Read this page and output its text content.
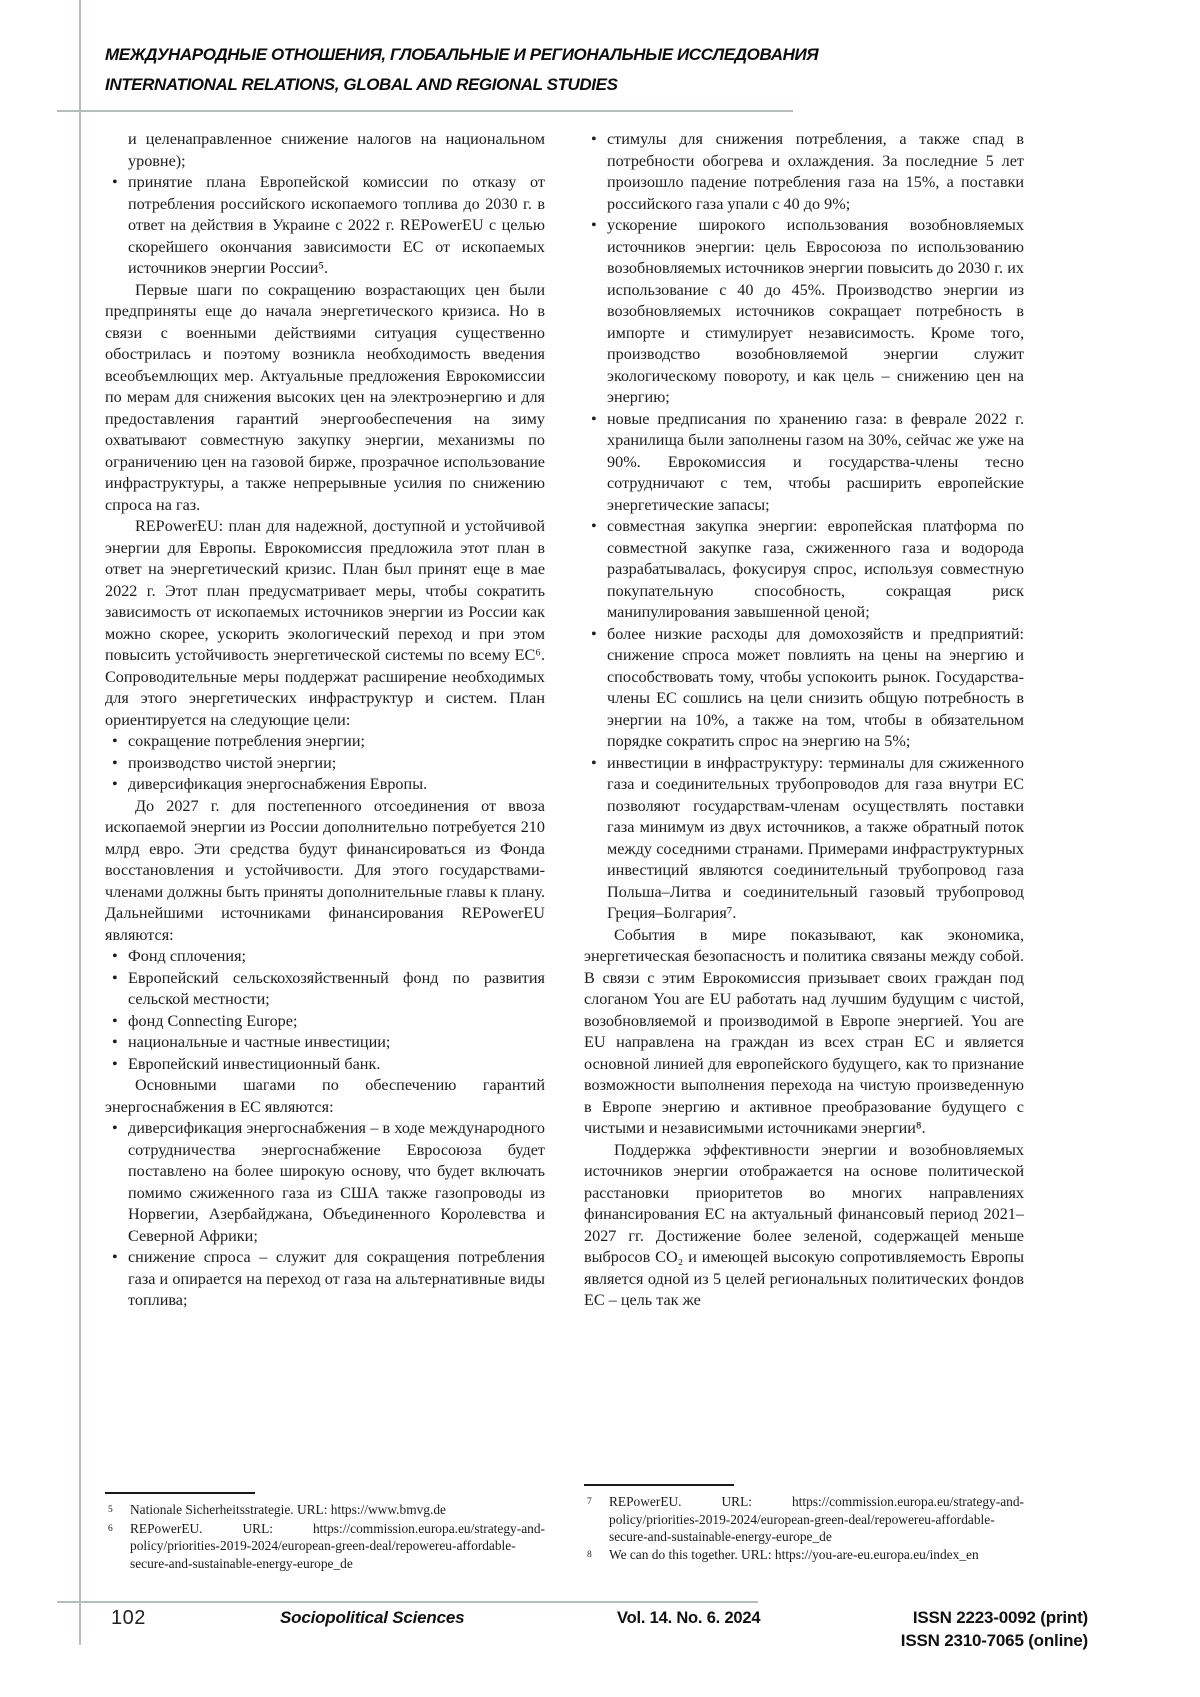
МЕЖДУНАРОДНЫЕ ОТНОШЕНИЯ, ГЛОБАЛЬНЫЕ И РЕГИОНАЛЬНЫЕ ИССЛЕДОВАНИЯ
INTERNATIONAL RELATIONS, GLOBAL AND REGIONAL STUDIES
и целенаправленное снижение налогов на национальном уровне);
• принятие плана Европейской комиссии по отказу от потребления российского ископаемого топлива до 2030 г. в ответ на действия в Украине с 2022 г. REPowerEU с целью скорейшего окончания зависимости ЕС от ископаемых источников энергии России⁵.

Первые шаги по сокращению возрастающих цен были предприняты еще до начала энергетического кризиса. Но в связи с военными действиями ситуация существенно обострилась и поэтому возникла необходимость введения всеобъемлющих мер. Актуальные предложения Еврокомиссии по мерам для снижения высоких цен на электроэнергию и для предоставления гарантий энергообеспечения на зиму охватывают совместную закупку энергии, механизмы по ограничению цен на газовой бирже, прозрачное использование инфраструктуры, а также непрерывные усилия по снижению спроса на газ.

REPowerEU: план для надежной, доступной и устойчивой энергии для Европы. Еврокомиссия предложила этот план в ответ на энергетический кризис. План был принят еще в мае 2022 г. Этот план предусматривает меры, чтобы сократить зависимость от ископаемых источников энергии из России как можно скорее, ускорить экологический переход и при этом повысить устойчивость энергетической системы по всему ЕС⁶. Сопроводительные меры поддержат расширение необходимых для этого энергетических инфраструктур и систем. План ориентируется на следующие цели:

• сокращение потребления энергии;
• производство чистой энергии;
• диверсификация энергоснабжения Европы.

До 2027 г. для постепенного отсоединения от ввоза ископаемой энергии из России дополнительно потребуется 210 млрд евро. Эти средства будут финансироваться из Фонда восстановления и устойчивости. Для этого государствами-членами должны быть приняты дополнительные главы к плану. Дальнейшими источниками финансирования REPowerEU являются:

• Фонд сплочения;
• Европейский сельскохозяйственный фонд по развития сельской местности;
• фонд Connecting Europe;
• национальные и частные инвестиции;
• Европейский инвестиционный банк.

Основными шагами по обеспечению гарантий энергоснабжения в ЕС являются:

• диверсификация энергоснабжения – в ходе международного сотрудничества энергоснабжение Евросоюза будет поставлено на более широкую основу, что будет включать помимо сжиженного газа из США также газопроводы из Норвегии, Азербайджана, Объединенного Королевства и Северной Африки;
• снижение спроса – служит для сокращения потребления газа и опирается на переход от газа на альтернативные виды топлива;
• стимулы для снижения потребления, а также спад в потребности обогрева и охлаждения. За последние 5 лет произошло падение потребления газа на 15%, а поставки российского газа упали с 40 до 9%;
• ускорение широкого использования возобновляемых источников энергии: цель Евросоюза по использованию возобновляемых источников энергии повысить до 2030 г. их использование с 40 до 45%. Производство энергии из возобновляемых источников сокращает потребность в импорте и стимулирует независимость. Кроме того, производство возобновляемой энергии служит экологическому повороту, и как цель – снижению цен на энергию;
• новые предписания по хранению газа: в феврале 2022 г. хранилища были заполнены газом на 30%, сейчас же уже на 90%. Еврокомиссия и государства-члены тесно сотрудничают с тем, чтобы расширить европейские энергетические запасы;
• совместная закупка энергии: европейская платформа по совместной закупке газа, сжиженного газа и водорода разрабатывалась, фокусируя спрос, используя совместную покупательную способность, сокращая риск манипулирования завышенной ценой;
• более низкие расходы для домохозяйств и предприятий: снижение спроса может повлиять на цены на энергию и способствовать тому, чтобы успокоить рынок. Государства-члены ЕС сошлись на цели снизить общую потребность в энергии на 10%, а также на том, чтобы в обязательном порядке сократить спрос на энергию на 5%;
• инвестиции в инфраструктуру: терминалы для сжиженного газа и соединительных трубопроводов для газа внутри ЕС позволяют государствам-членам осуществлять поставки газа минимум из двух источников, а также обратный поток между соседними странами. Примерами инфраструктурных инвестиций являются соединительный трубопровод газа Польша–Литва и соединительный газовый трубопровод Греция–Болгария⁷.

События в мире показывают, как экономика, энергетическая безопасность и политика связаны между собой. В связи с этим Еврокомиссия призывает своих граждан под слоганом You are EU работать над лучшим будущим с чистой, возобновляемой и производимой в Европе энергией. You are EU направлена на граждан из всех стран ЕС и является основной линией для европейского будущего, как то признание возможности выполнения перехода на чистую произведенную в Европе энергию и активное преобразование будущего с чистыми и независимыми источниками энергии⁸.

Поддержка эффективности энергии и возобновляемых источников энергии отображается на основе политической расстановки приоритетов во многих направлениях финансирования ЕС на актуальный финансовый период 2021–2027 гг. Достижение более зеленой, содержащей меньше выбросов CO₂ и имеющей высокую сопротивляемость Европы является одной из 5 целей региональных политических фондов ЕС – цель так же

5	Nationale Sicherheitsstrategie. URL: https://www.bmvg.de
6	REPowerEU. URL: https://commission.europa.eu/strategy-and-policy/priorities-2019-2024/european-green-deal/repowereu-affordable-secure-and-sustainable-energy-europe_de
7	REPowerEU. URL: https://commission.europa.eu/strategy-and-policy/priorities-2019-2024/european-green-deal/repowereu-affordable-secure-and-sustainable-energy-europe_de
8	We can do this together. URL: https://you-are-eu.europa.eu/index_en
102	Sociopolitical Sciences	Vol. 14. No. 6. 2024	ISSN 2223-0092 (print)
ISSN 2310-7065 (online)
